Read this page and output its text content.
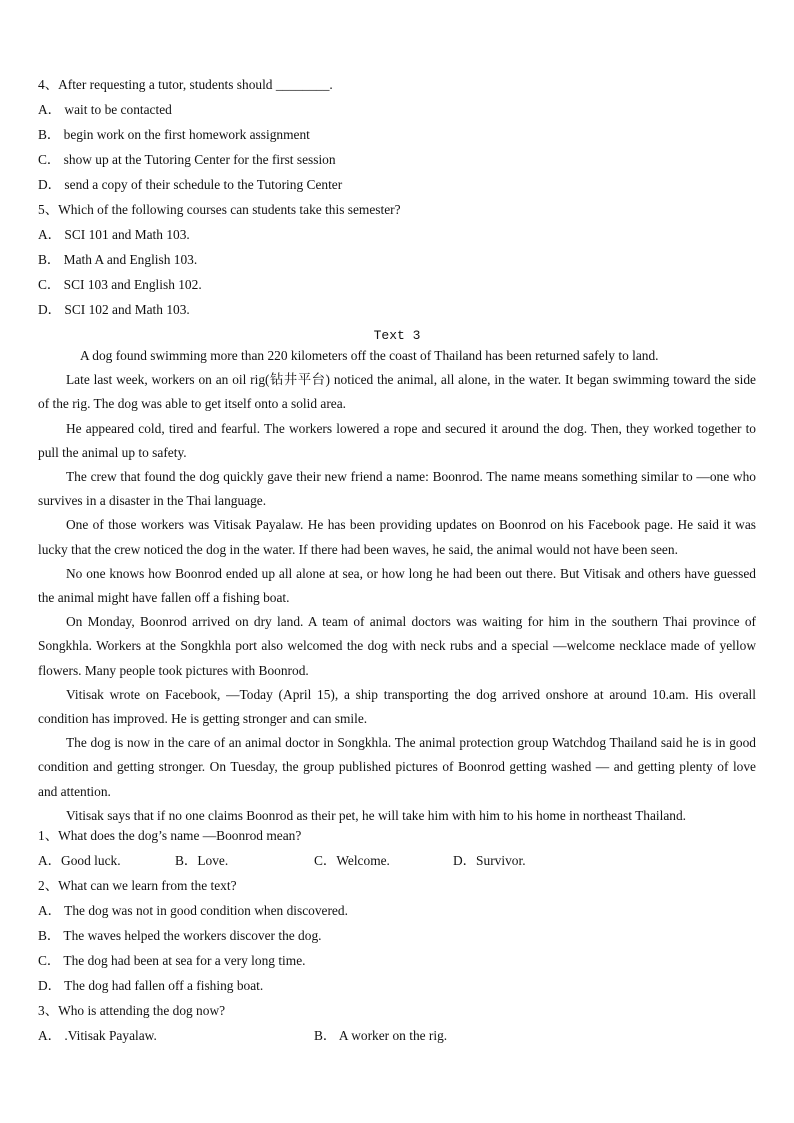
4、After requesting a tutor, students should ________.
A． wait to be contacted
B． begin work on the first homework assignment
C． show up at the Tutoring Center for the first session
D． send a copy of their schedule to the Tutoring Center
5、Which of the following courses can students take this semester?
A． SCI 101 and Math 103.
B． Math A and English 103.
C． SCI 103 and English 102.
D． SCI 102 and Math 103.
Text 3

A dog found swimming more than 220 kilometers off the coast of Thailand has been returned safely to land.

Late last week, workers on an oil rig(钻井平台) noticed the animal, all alone, in the water. It began swimming toward the side of the rig. The dog was able to get itself onto a solid area.

He appeared cold, tired and fearful. The workers lowered a rope and secured it around the dog. Then, they worked together to pull the animal up to safety.

The crew that found the dog quickly gave their new friend a name: Boonrod. The name means something similar to ―one who survives in a disaster in the Thai language.

One of those workers was Vitisak Payalaw. He has been providing updates on Boonrod on his Facebook page. He said it was lucky that the crew noticed the dog in the water. If there had been waves, he said, the animal would not have been seen.

No one knows how Boonrod ended up all alone at sea, or how long he had been out there. But Vitisak and others have guessed the animal might have fallen off a fishing boat.

On Monday, Boonrod arrived on dry land. A team of animal doctors was waiting for him in the southern Thai province of Songkhla. Workers at the Songkhla port also welcomed the dog with neck rubs and a special ―welcome necklace made of yellow flowers. Many people took pictures with Boonrod.

Vitisak wrote on Facebook, ―Today (April 15), a ship transporting the dog arrived onshore at around 10.am. His overall condition has improved. He is getting stronger and can smile.

The dog is now in the care of an animal doctor in Songkhla. The animal protection group Watchdog Thailand said he is in good condition and getting stronger. On Tuesday, the group published pictures of Boonrod getting washed — and getting plenty of love and attention.

Vitisak says that if no one claims Boonrod as their pet, he will take him with him to his home in northeast Thailand.

1、What does the dog’s name ―Boonrod mean?
A．Good luck.	B．Love.	C．Welcome.	D．Survivor.
2、What can we learn from the text?
A． The dog was not in good condition when discovered.
B． The waves helped the workers discover the dog.
C． The dog had been at sea for a very long time.
D． The dog had fallen off a fishing boat.
3、Who is attending the dog now?
A． .Vitisak Payalaw.	B． A worker on the rig.
